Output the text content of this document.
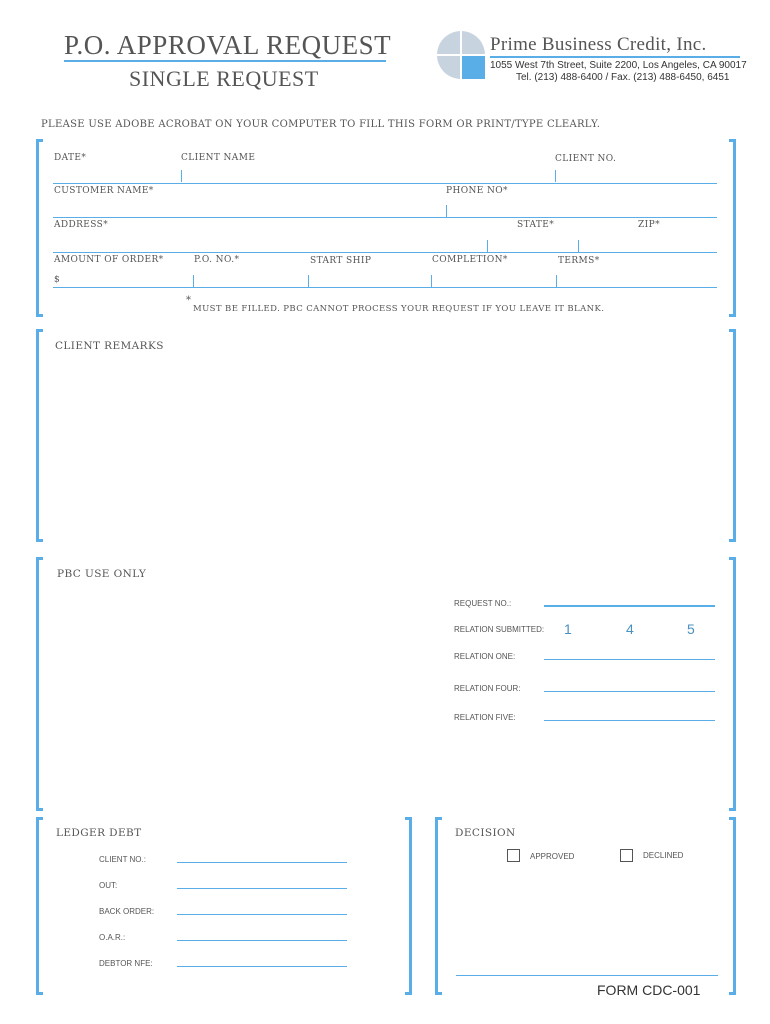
P.O. APPROVAL REQUEST
SINGLE REQUEST
Prime Business Credit, Inc.
1055 West 7th Street, Suite 2200, Los Angeles, CA 90017
Tel. (213) 488-6400 / Fax. (213) 488-6450, 6451
PLEASE USE ADOBE ACROBAT ON YOUR COMPUTER TO FILL THIS FORM OR PRINT/TYPE CLEARLY.
DATE*	CLIENT NAME	CLIENT NO.
CUSTOMER NAME*	PHONE NO*
ADDRESS*	STATE*	ZIP*
AMOUNT OF ORDER*	P.O. NO.*	START SHIP	COMPLETION*	TERMS*
$
*
MUST BE FILLED. PBC CANNOT PROCESS YOUR REQUEST IF YOU LEAVE IT BLANK.
CLIENT REMARKS
PBC USE ONLY
REQUEST NO.:
RELATION SUBMITTED: 1	4	5
RELATION ONE:
RELATION FOUR:
RELATION FIVE:
LEDGER DEBT
CLIENT NO.:
OUT:
BACK ORDER:
O.A.R.:
DEBTOR NFE:
DECISION
APPROVED	DECLINED
FORM CDC-001
